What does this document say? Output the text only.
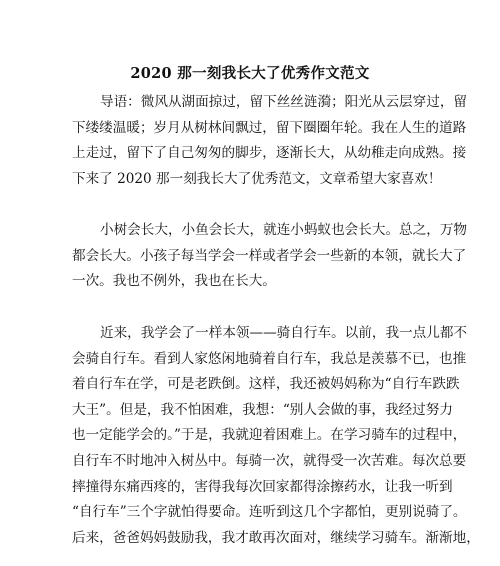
2020 那一刻我长大了优秀作文范文
导语：微风从湖面掠过，留下丝丝涟漪；阳光从云层穿过，留
下缕缕温暖；岁月从树林间飘过，留下圈圈年轮。我在人生的道路
上走过，留下了自己匆匆的脚步，逐渐长大，从幼稚走向成熟。接
下来了 2020 那一刻我长大了优秀范文，文章希望大家喜欢！
小树会长大，小鱼会长大，就连小蚂蚁也会长大。总之，万物
都会长大。小孩子每当学会一样或者学会一些新的本领，就长大了
一次。我也不例外，我也在长大。
近来，我学会了一样本领——骑自行车。以前，我一点儿都不
会骑自行车。看到人家悠闲地骑着自行车，我总是羡慕不已，也推
着自行车在学，可是老跌倒。这样，我还被妈妈称为“自行车跌跌
大王”。但是，我不怕困难，我想：“别人会做的事，我经过努力
也一定能学会的。”于是，我就迎着困难上。在学习骑车的过程中，
自行车不时地冲入树丛中。每骑一次，就得受一次苦难。每次总要
摔撞得东痛西疼的，害得我每次回家都得涂擦药水，让我一听到
“自行车”三个字就怕得要命。连听到这几个字都怕，更别说骑了。
后来，爸爸妈妈鼓励我，我才敢再次面对，继续学习骑车。渐渐地，
